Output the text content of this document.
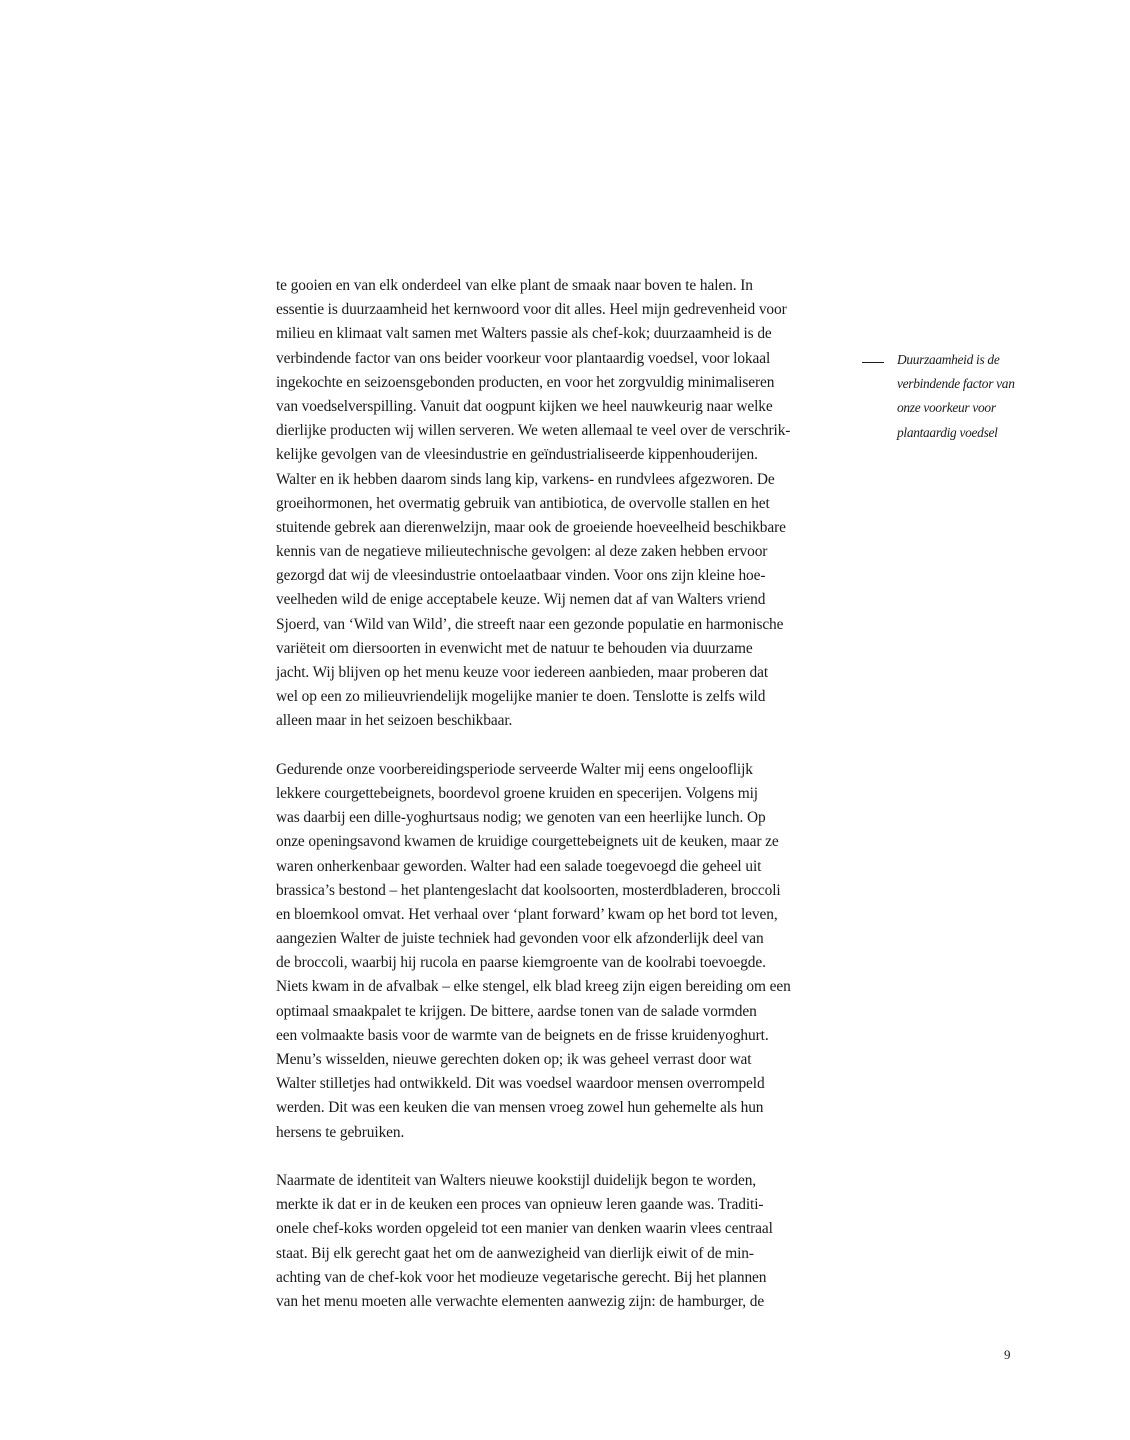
te gooien en van elk onderdeel van elke plant de smaak naar boven te halen. In
essentie is duurzaamheid het kernwoord voor dit alles. Heel mijn gedrevenheid voor
milieu en klimaat valt samen met Walters passie als chef-kok; duurzaamheid is de
verbindende factor van ons beider voorkeur voor plantaardig voedsel, voor lokaal
ingekochte en seizoensgebonden producten, en voor het zorgvuldig minimaliseren
van voedselverspilling. Vanuit dat oogpunt kijken we heel nauwkeurig naar welke
dierlijke producten wij willen serveren. We weten allemaal te veel over de verschrik-
kelijke gevolgen van de vleesindustrie en geïndustrialiseerde kippenhouderijen.
Walter en ik hebben daarom sinds lang kip, varkens- en rundvlees afgezworen. De
groeihormonen, het overmatig gebruik van antibiotica, de overvolle stallen en het
stuitende gebrek aan dierenwelzijn, maar ook de groeiende hoeveelheid beschikbare
kennis van de negatieve milieutechnische gevolgen: al deze zaken hebben ervoor
gezorgd dat wij de vleesindustrie ontoelaatbaar vinden. Voor ons zijn kleine hoe-
veelheden wild de enige acceptabele keuze. Wij nemen dat af van Walters vriend
Sjoerd, van ‘Wild van Wild’, die streeft naar een gezonde populatie en harmonische
variëteit om diersoorten in evenwicht met de natuur te behouden via duurzame
jacht. Wij blijven op het menu keuze voor iedereen aanbieden, maar proberen dat
wel op een zo milieuvriendelijk mogelijke manier te doen. Tenslotte is zelfs wild
alleen maar in het seizoen beschikbaar.
Gedurende onze voorbereidingsperiode serveerde Walter mij eens ongelooflijk
lekkere courgettebeignets, boordevol groene kruiden en specerijen. Volgens mij
was daarbij een dille-yoghurtsaus nodig; we genoten van een heerlijke lunch. Op
onze openingsavond kwamen de kruidige courgettebeignets uit de keuken, maar ze
waren onherkenbaar geworden. Walter had een salade toegevoegd die geheel uit
brassica’s bestond – het plantengeslacht dat koolsoorten, mosterdbladeren, broccoli
en bloemkool omvat. Het verhaal over ‘plant forward’ kwam op het bord tot leven,
aangezien Walter de juiste techniek had gevonden voor elk afzonderlijk deel van
de broccoli, waarbij hij rucola en paarse kiemgroente van de koolrabi toevoegde.
Niets kwam in de afvalbak – elke stengel, elk blad kreeg zijn eigen bereiding om een
optimaal smaakpalet te krijgen. De bittere, aardse tonen van de salade vormden
een volmaakte basis voor de warmte van de beignets en de frisse kruidenyoghurt.
Menu’s wisselden, nieuwe gerechten doken op; ik was geheel verrast door wat
Walter stilletjes had ontwikkeld. Dit was voedsel waardoor mensen overrompeld
werden. Dit was een keuken die van mensen vroeg zowel hun gehemelte als hun
hersens te gebruiken.
Naarmate de identiteit van Walters nieuwe kookstijl duidelijk begon te worden,
merkte ik dat er in de keuken een proces van opnieuw leren gaande was. Traditi-
onele chef-koks worden opgeleid tot een manier van denken waarin vlees centraal
staat. Bij elk gerecht gaat het om de aanwezigheid van dierlijk eiwit of de min-
achting van de chef-kok voor het modieuze vegetarische gerecht. Bij het plannen
van het menu moeten alle verwachte elementen aanwezig zijn: de hamburger, de
Duurzaamheid is de
verbindende factor van
onze voorkeur voor
plantaardig voedsel
9
